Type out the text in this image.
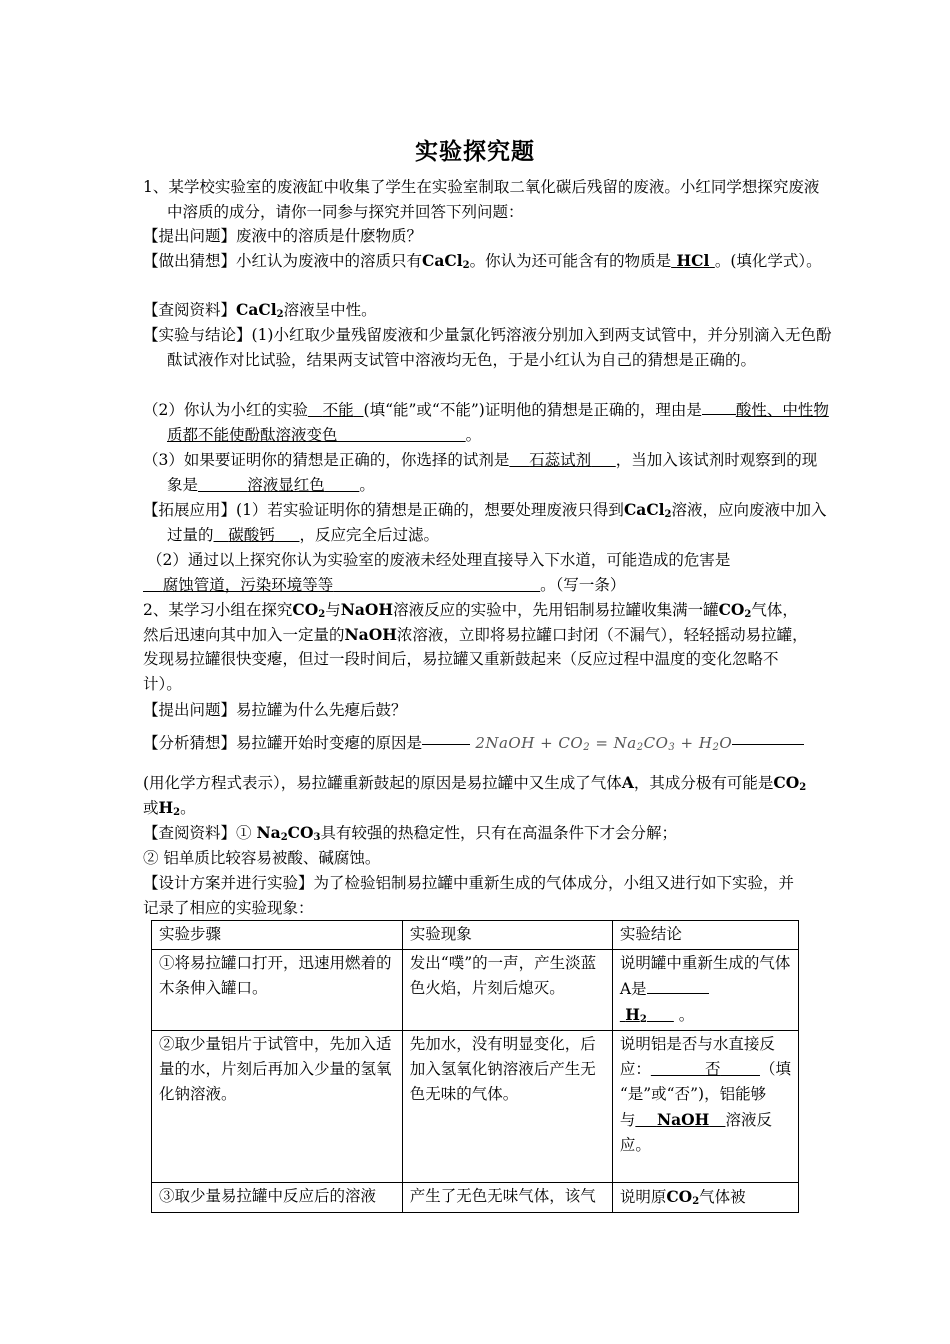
实验探究题

1、某学校实验室的废液缸中收集了学生在实验室制取二氧化碳后残留的废液。小红同学想探究废液中溶质的成分，请你一同参与探究并回答下列问题：

【提出问题】废液中的溶质是什麽物质？

【做出猜想】小红认为废液中的溶质只有CaCl$_2$。你认为还可能含有的物质是 HCl 。(填化学式）。

【查阅资料】CaCl$_2$溶液呈中性。

【实验与结论】(1)小红取少量残留废液和少量氯化钙溶液分别加入到两支试管中，并分别滴入无色酚酞试液作对比试验，结果两支试管中溶液均无色，于是小红认为自己的猜想是正确的。

（2）你认为小红的实验 不能 (填“能”或“不能”)证明他的猜想是正确的，理由是 酸性、中性物质都不能使酚酞溶液变色	。

（3）如果要证明你的猜想是正确的，你选择的试剂是 石蕊试剂 ，当加入该试剂时观察到的现象是	溶液显红色 。

【拓展应用】(1）若实验证明你的猜想是正确的，想要处理废液只得到CaCl$_2$溶液，应向废液中加入过量的 碳酸钙 ，反应完全后过滤。

（2）通过以上探究你认为实验室的废液未经处理直接导入下水道，可能造成的危害是

腐蚀管道，污染环境等等	。（写一条）

2、某学习小组在探究$CO_2$与NaOH溶液反应的实验中，先用铝制易拉罐收集满一罐$CO_2$气体，然后迅速向其中加入一定量的NaOH浓溶液，立即将易拉罐口封闭（不漏气），轻轻摇动易拉罐，发现易拉罐很快变瘪，但过一段时间后，易拉罐又重新鼓起来（反应过程中温度的变化忽略不计）。

【提出问题】易拉罐为什么先瘪后鼓？

【分析猜想】易拉罐开始时变瘪的原因是	2NaOH + $CO_2 = Na_2CO_3 + H_2O$

(用化学方程式表示），易拉罐重新鼓起的原因是易拉罐中又生成了气体A，其成分极有可能是$CO_2$或$H_2$。

【查阅资料】① $Na_2CO_3$具有较强的热稳定性，只有在高温条件下才会分解；

② 铝单质比较容易被酸、碱腐蚀。

【设计方案并进行实验】为了检验铝制易拉罐中重新生成的气体成分，小组又进行如下实验，并记录了相应的实验现象：

实验步骤	实验现象	实验结论
①将易拉罐口打开，迅速用燃着的木条伸入罐口。	发出“噗”的一声，产生淡蓝色火焰，片刻后熄灭。	说明罐中重新生成的气体A是
$H_2$ 。
②取少量铝片于试管中，先加入适量的水，片刻后再加入少量的氢氧化钠溶液。	先加水，没有明显变化，后加入氢氧化钠溶液后产生无色无味的气体。	说明铝是否与水直接反应： 否 （填 “是”或“否”)，铝能够与 NaOH 溶液反应。
③取少量易拉罐中反应后的溶液	产生了无色无味气体，该气	说明原$CO_2$气体被
